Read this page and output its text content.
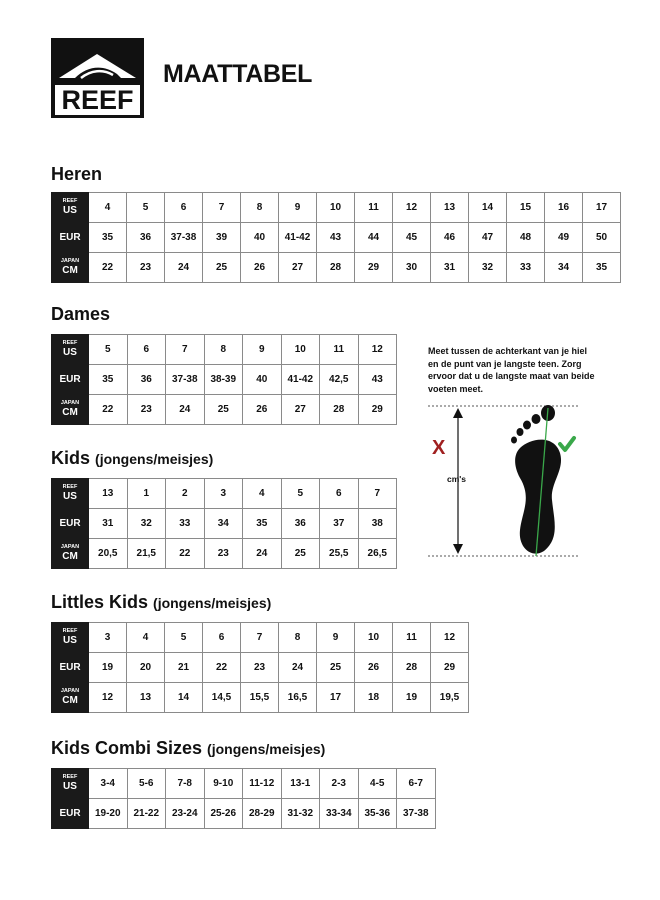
REEF
MAATTABEL
Heren
REEF
US	4	5	6	7	8	9	10	11	12	13	14	15	16	17

EUR	35	36	37-38	39	40	41-42	43	44	45	46	47	48	49	50

JAPAN
CM	22	23	24	25	26	27	28	29	30	31	32	33	34	35
Dames
REEF
US	5	6	7	8	9	10	11	12

EUR	35	36	37-38	38-39	40	41-42	42,5	43

JAPAN
CM	22	23	24	25	26	27	28	29
Kids (jongens/meisjes)
REEF
US	13	1	2	3	4	5	6	7

EUR	31	32	33	34	35	36	37	38

JAPAN
CM	20,5	21,5	22	23	24	25	25,5	26,5
Littles Kids (jongens/meisjes)
REEF
US	3	4	5	6	7	8	9	10	11	12

EUR	19	20	21	22	23	24	25	26	28	29

JAPAN
CM	12	13	14	14,5	15,5	16,5	17	18	19	19,5
Kids Combi Sizes (jongens/meisjes)
REEF
US	3-4	5-6	7-8	9-10	11-12	13-1	2-3	4-5	6-7

EUR	19-20	21-22	23-24	25-26	28-29	31-32	33-34	35-36	37-38
Meet tussen de achterkant van je hiel en de punt van je langste teen. Zorg ervoor dat u de langste maat van beide voeten meet.
X
cm's
